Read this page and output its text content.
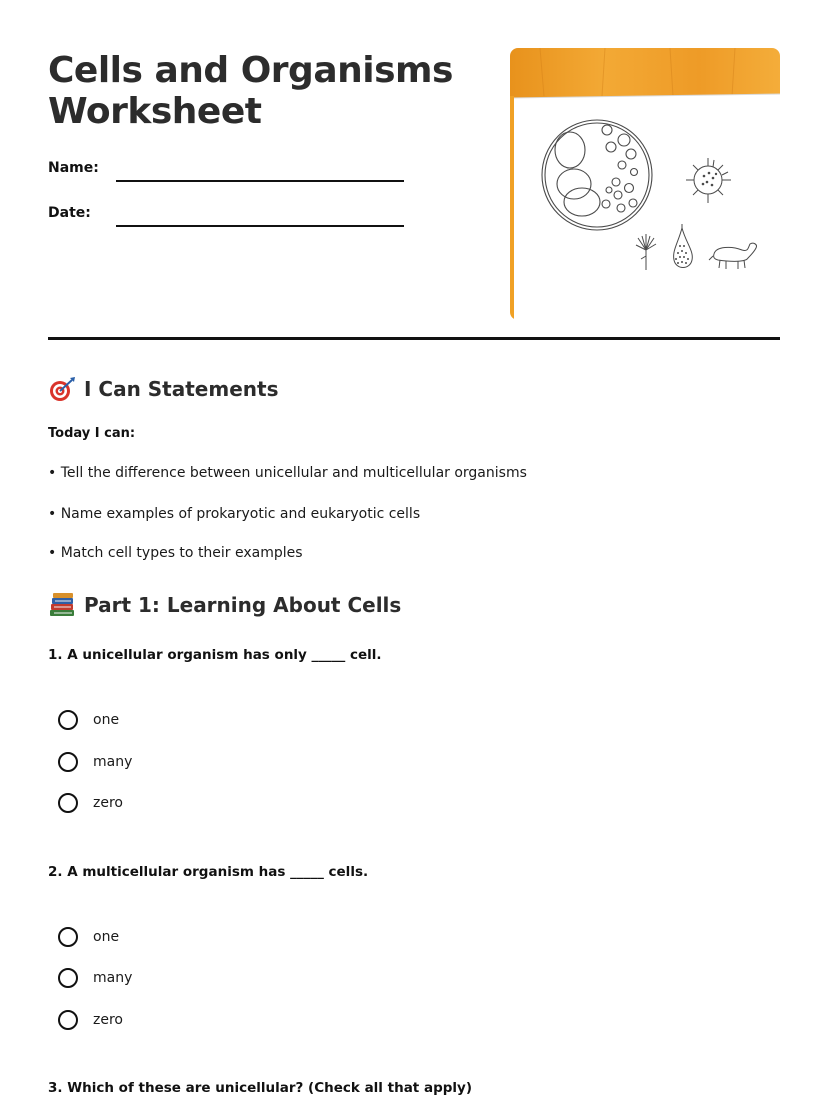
Cells and Organisms
Worksheet
Name:
Date:
I Can Statements
Today I can:
• Tell the difference between unicellular and multicellular organisms
• Name examples of prokaryotic and eukaryotic cells
• Match cell types to their examples
Part 1: Learning About Cells
1. A unicellular organism has only _____ cell.
one
many
zero
2. A multicellular organism has _____ cells.
one
many
zero
3. Which of these are unicellular? (Check all that apply)
